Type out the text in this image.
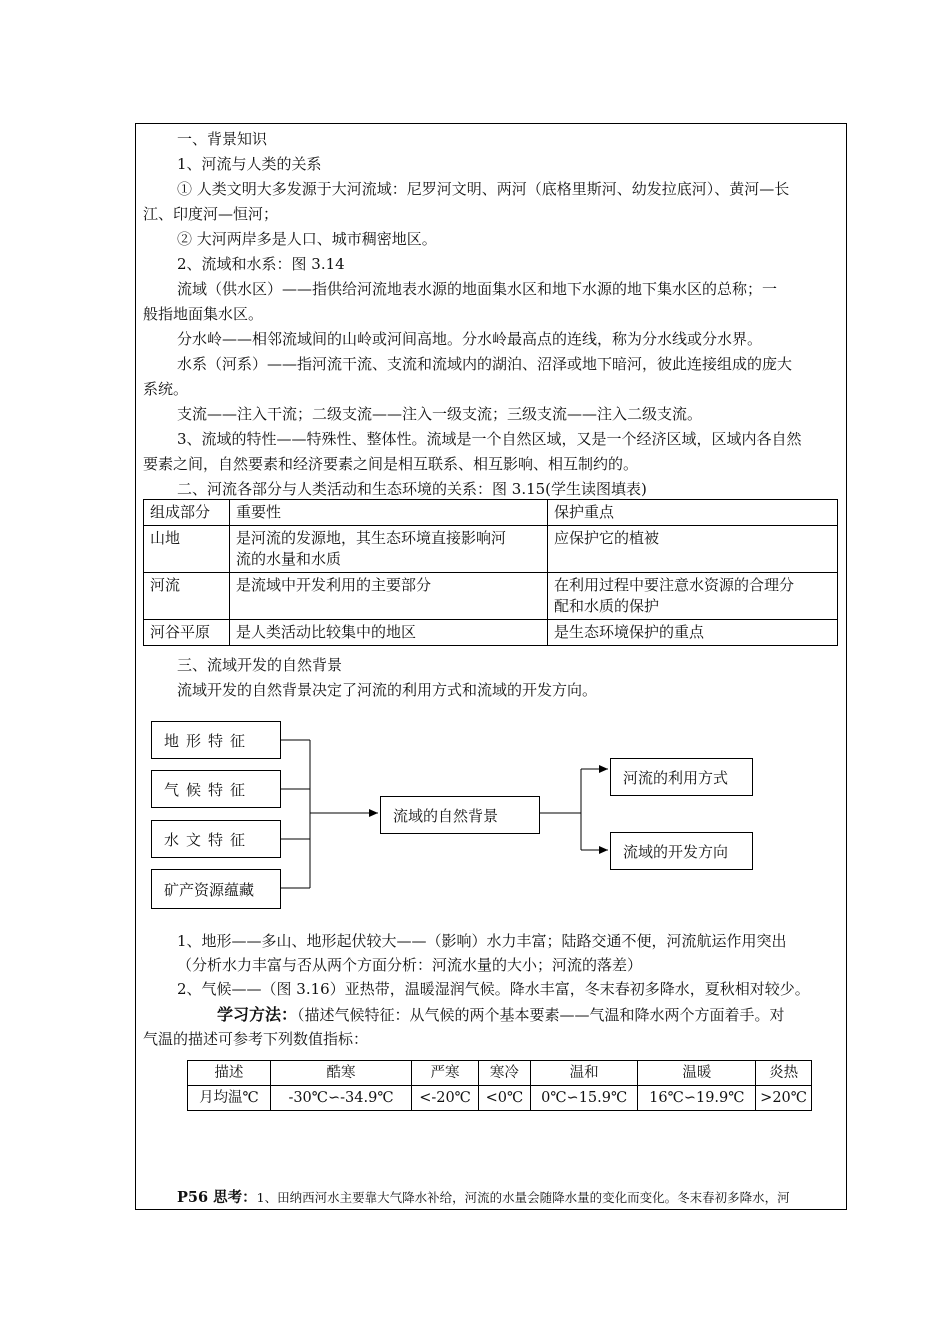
一、背景知识
1、河流与人类的关系
① 人类文明大多发源于大河流域：尼罗河文明、两河（底格里斯河、幼发拉底河）、黄河—长
江、印度河—恒河；
② 大河两岸多是人口、城市稠密地区。
2、流域和水系：图 3.14
流域（供水区）——指供给河流地表水源的地面集水区和地下水源的地下集水区的总称；一
般指地面集水区。
分水岭——相邻流域间的山岭或河间高地。分水岭最高点的连线，称为分水线或分水界。
水系（河系）——指河流干流、支流和流域内的湖泊、沼泽或地下暗河，彼此连接组成的庞大
系统。
支流——注入干流；二级支流——注入一级支流；三级支流——注入二级支流。
3、流域的特性——特殊性、整体性。流域是一个自然区域，又是一个经济区域，区域内各自然
要素之间，自然要素和经济要素之间是相互联系、相互影响、相互制约的。
二、河流各部分与人类活动和生态环境的关系：图 3.15(学生读图填表)
组成部分	重要性	保护重点
山地	是河流的发源地，其生态环境直接影响河
流的水量和水质	应保护它的植被

河流	是流域中开发利用的主要部分	在利用过程中要注意水资源的合理分
配和水质的保护

河谷平原	是人类活动比较集中的地区	是生态环境保护的重点
三、流域开发的自然背景
流域开发的自然背景决定了河流的利用方式和流域的开发方向。
地形特征
气候特征
水文特征
矿产资源蕴藏
流域的自然背景
河流的利用方式
流域的开发方向
1、地形——多山、地形起伏较大——（影响）水力丰富；陆路交通不便，河流航运作用突出
（分析水力丰富与否从两个方面分析：河流水量的大小；河流的落差）
2、气候——（图 3.16）亚热带，温暖湿润气候。降水丰富，冬末春初多降水，夏秋相对较少。
学习方法：（描述气候特征：从气候的两个基本要素——气温和降水两个方面着手。对
气温的描述可参考下列数值指标：
描述	酷寒	严寒	寒冷	温和	温暖	炎热
月均温℃	-30℃∽-34.9℃	<-20℃	<0℃	0℃∽15.9℃	16℃∽19.9℃	>20℃
P56 思考：1、田纳西河水主要靠大气降水补给，河流的水量会随降水量的变化而变化。冬末春初多降水，河
